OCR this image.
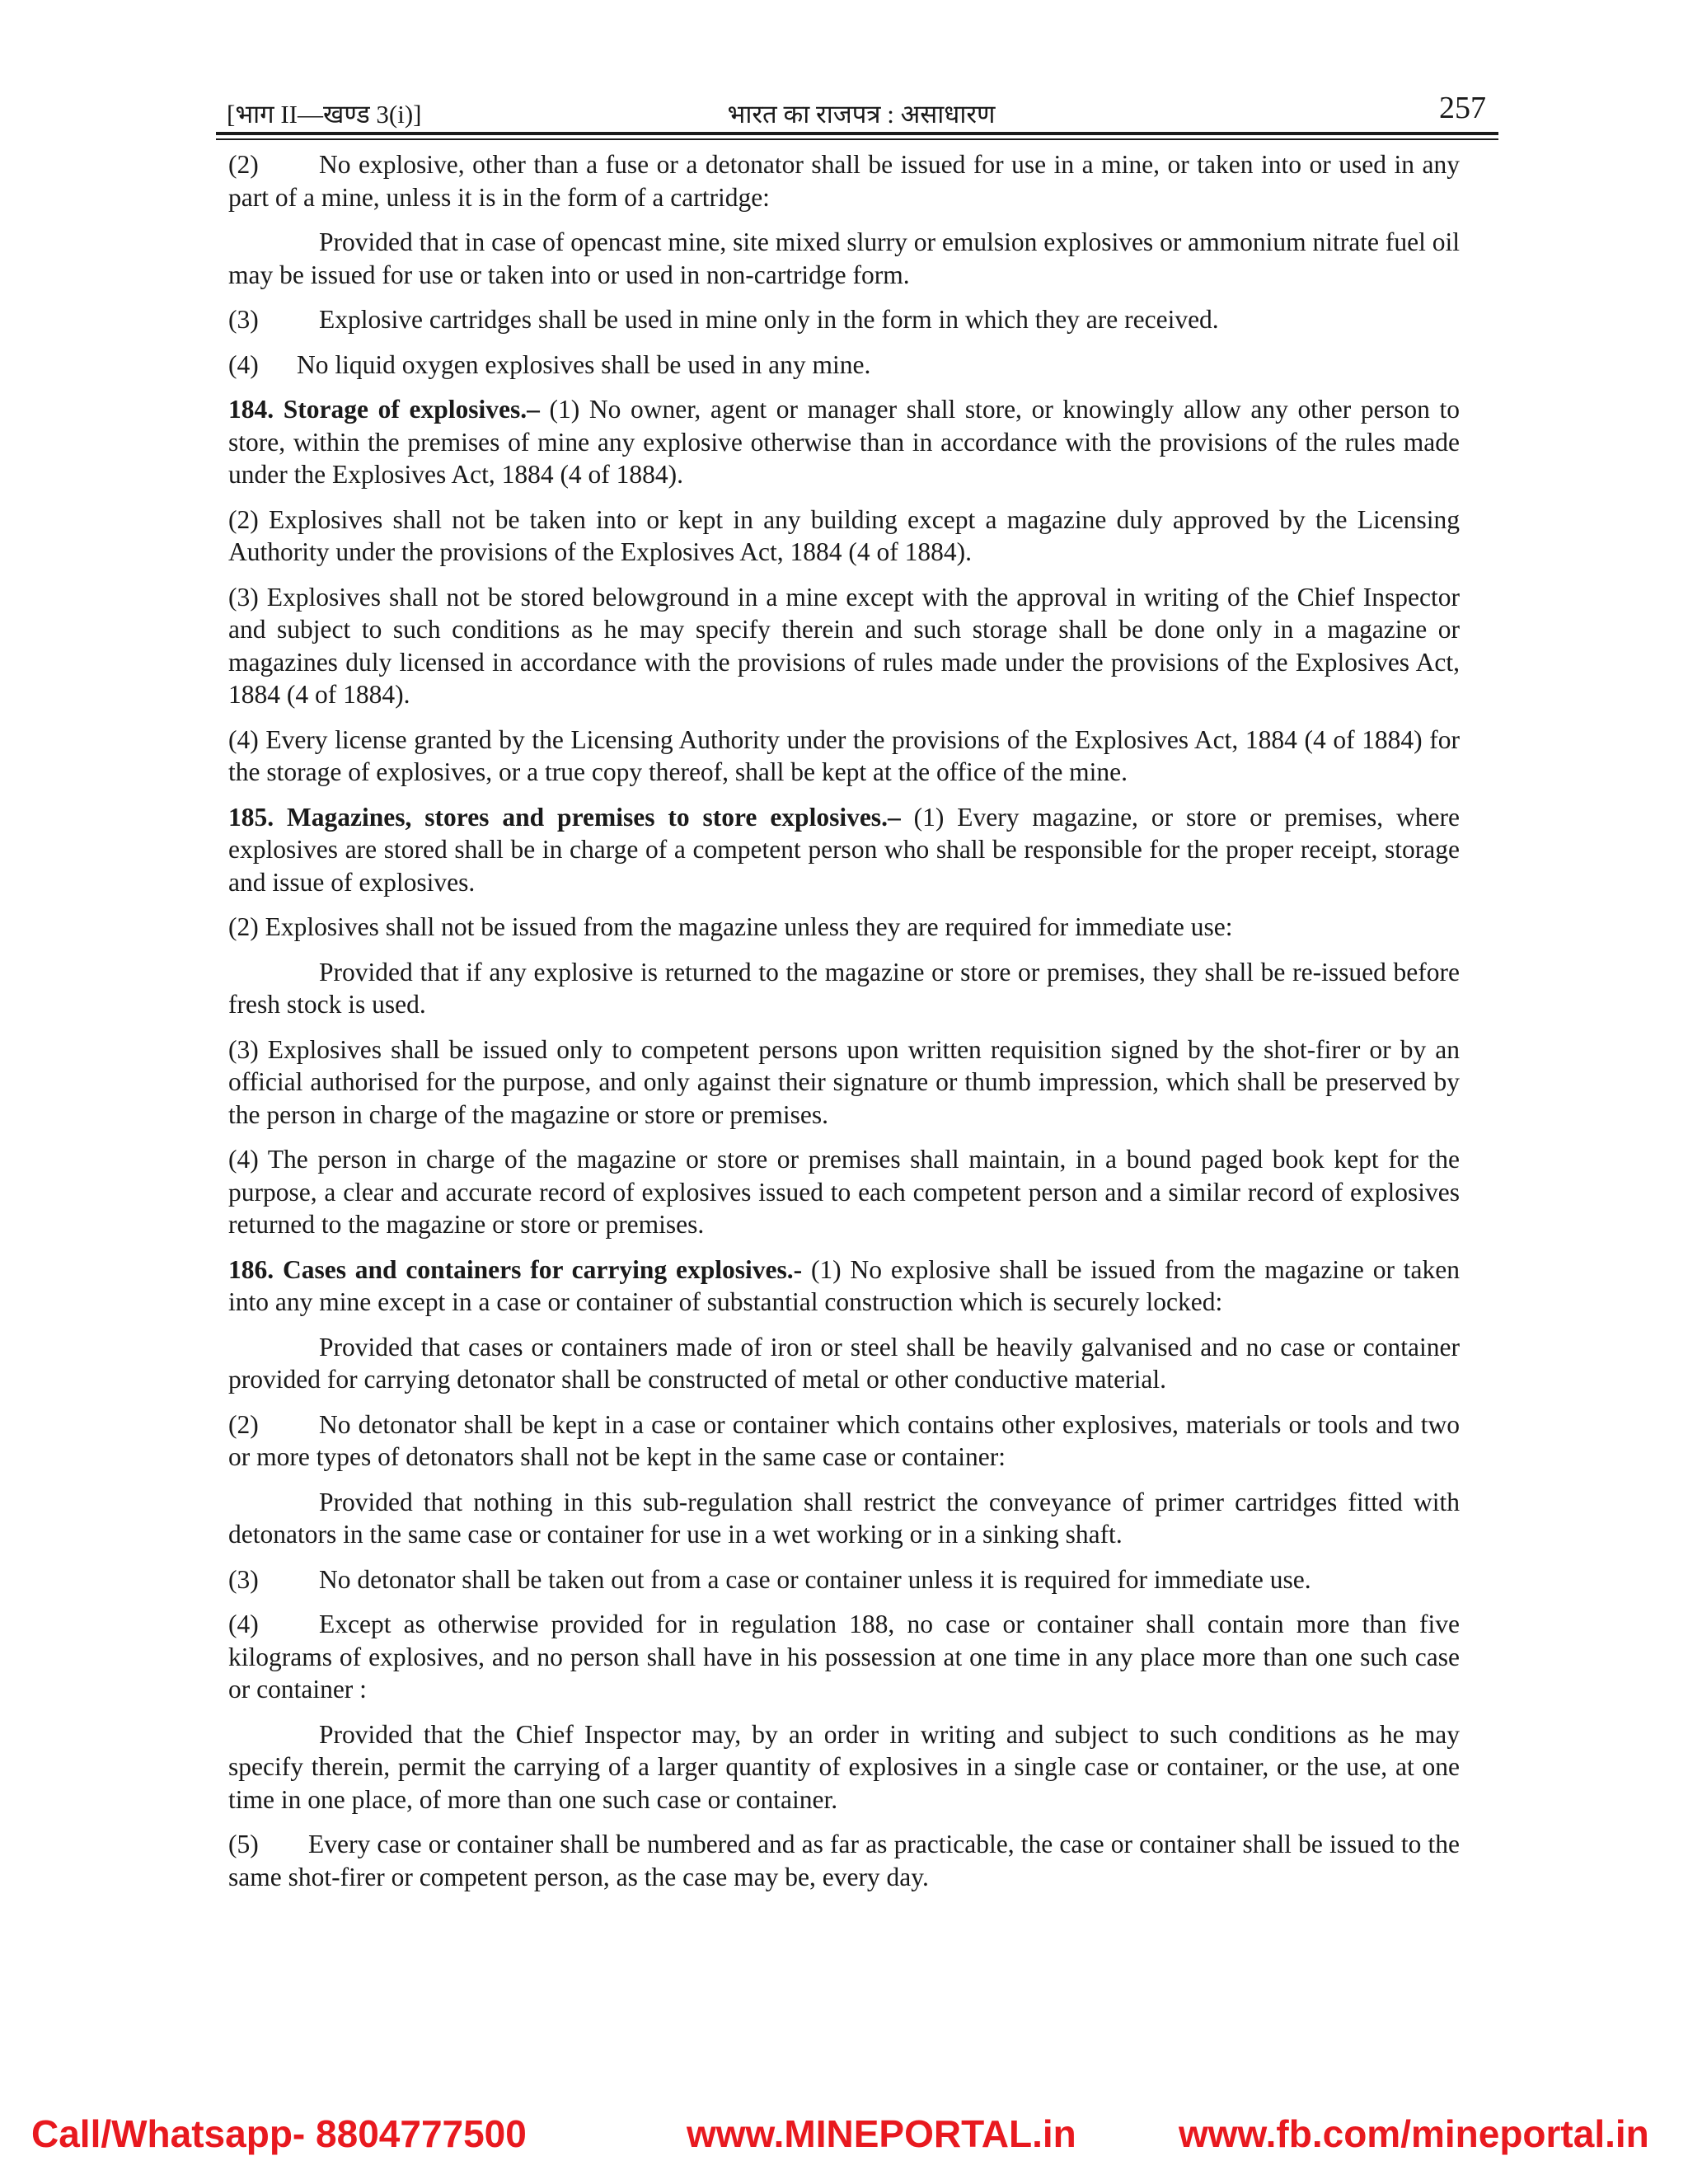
[भाग II—खण्ड 3(i)]	भारत का राजपत्र : असाधारण	257

(2) No explosive, other than a fuse or a detonator shall be issued for use in a mine, or taken into or used in any part of a mine, unless it is in the form of a cartridge:

Provided that in case of opencast mine, site mixed slurry or emulsion explosives or ammonium nitrate fuel oil may be issued for use or taken into or used in non-cartridge form.

(3) Explosive cartridges shall be used in mine only in the form in which they are received.

(4) No liquid oxygen explosives shall be used in any mine.

184. Storage of explosives.– (1) No owner, agent or manager shall store, or knowingly allow any other person to store, within the premises of mine any explosive otherwise than in accordance with the provisions of the rules made under the Explosives Act, 1884 (4 of 1884).

(2) Explosives shall not be taken into or kept in any building except a magazine duly approved by the Licensing Authority under the provisions of the Explosives Act, 1884 (4 of 1884).

(3) Explosives shall not be stored belowground in a mine except with the approval in writing of the Chief Inspector and subject to such conditions as he may specify therein and such storage shall be done only in a magazine or magazines duly licensed in accordance with the provisions of rules made under the provisions of the Explosives Act, 1884 (4 of 1884).

(4) Every license granted by the Licensing Authority under the provisions of the Explosives Act, 1884 (4 of 1884) for the storage of explosives, or a true copy thereof, shall be kept at the office of the mine.

185. Magazines, stores and premises to store explosives.– (1) Every magazine, or store or premises, where explosives are stored shall be in charge of a competent person who shall be responsible for the proper receipt, storage and issue of explosives.

(2) Explosives shall not be issued from the magazine unless they are required for immediate use:

Provided that if any explosive is returned to the magazine or store or premises, they shall be re-issued before fresh stock is used.

(3) Explosives shall be issued only to competent persons upon written requisition signed by the shot-firer or by an official authorised for the purpose, and only against their signature or thumb impression, which shall be preserved by the person in charge of the magazine or store or premises.

(4) The person in charge of the magazine or store or premises shall maintain, in a bound paged book kept for the purpose, a clear and accurate record of explosives issued to each competent person and a similar record of explosives returned to the magazine or store or premises.

186. Cases and containers for carrying explosives.- (1) No explosive shall be issued from the magazine or taken into any mine except in a case or container of substantial construction which is securely locked:

Provided that cases or containers made of iron or steel shall be heavily galvanised and no case or container provided for carrying detonator shall be constructed of metal or other conductive material.

(2) No detonator shall be kept in a case or container which contains other explosives, materials or tools and two or more types of detonators shall not be kept in the same case or container:

Provided that nothing in this sub-regulation shall restrict the conveyance of primer cartridges fitted with detonators in the same case or container for use in a wet working or in a sinking shaft.

(3) No detonator shall be taken out from a case or container unless it is required for immediate use.

(4) Except as otherwise provided for in regulation 188, no case or container shall contain more than five kilograms of explosives, and no person shall have in his possession at one time in any place more than one such case or container :

Provided that the Chief Inspector may, by an order in writing and subject to such conditions as he may specify therein, permit the carrying of a larger quantity of explosives in a single case or container, or the use, at one time in one place, of more than one such case or container.

(5) Every case or container shall be numbered and as far as practicable, the case or container shall be issued to the same shot-firer or competent person, as the case may be, every day.

Call/Whatsapp- 8804777500	www.MINEPORTAL.in	www.fb.com/mineportal.in
